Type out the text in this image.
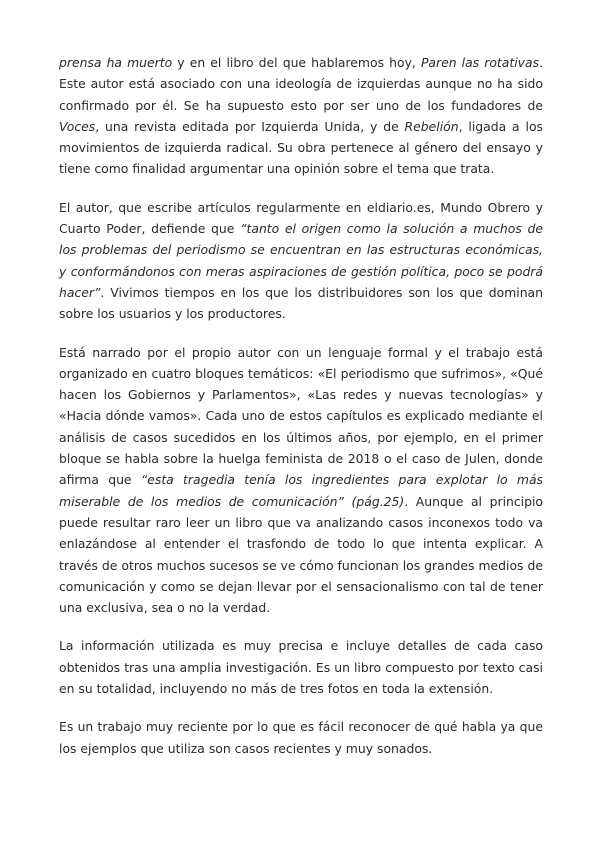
prensa ha muerto y en el libro del que hablaremos hoy, Paren las rotativas. Este autor está asociado con una ideología de izquierdas aunque no ha sido confirmado por él. Se ha supuesto esto por ser uno de los fundadores de Voces, una revista editada por Izquierda Unida, y de Rebelión, ligada a los movimientos de izquierda radical. Su obra pertenece al género del ensayo y tiene como finalidad argumentar una opinión sobre el tema que trata.

El autor, que escribe artículos regularmente en eldiario.es, Mundo Obrero y Cuarto Poder, defiende que “tanto el origen como la solución a muchos de los problemas del periodismo se encuentran en las estructuras económicas, y conformándonos con meras aspiraciones de gestión política, poco se podrá hacer”. Vivimos tiempos en los que los distribuidores son los que dominan sobre los usuarios y los productores.

Está narrado por el propio autor con un lenguaje formal y el trabajo está organizado en cuatro bloques temáticos: «El periodismo que sufrimos», «Qué hacen los Gobiernos y Parlamentos», «Las redes y nuevas tecnologías» y «Hacia dónde vamos». Cada uno de estos capítulos es explicado mediante el análisis de casos sucedidos en los últimos años, por ejemplo, en el primer bloque se habla sobre la huelga feminista de 2018 o el caso de Julen, donde afirma que “esta tragedia tenía los ingredientes para explotar lo más miserable de los medios de comunicación” (pág.25). Aunque al principio puede resultar raro leer un libro que va analizando casos inconexos todo va enlazándose al entender el trasfondo de todo lo que intenta explicar. A través de otros muchos sucesos se ve cómo funcionan los grandes medios de comunicación y como se dejan llevar por el sensacionalismo con tal de tener una exclusiva, sea o no la verdad.

La información utilizada es muy precisa e incluye detalles de cada caso obtenidos tras una amplia investigación. Es un libro compuesto por texto casi en su totalidad, incluyendo no más de tres fotos en toda la extensión.

Es un trabajo muy reciente por lo que es fácil reconocer de qué habla ya que los ejemplos que utiliza son casos recientes y muy sonados.
